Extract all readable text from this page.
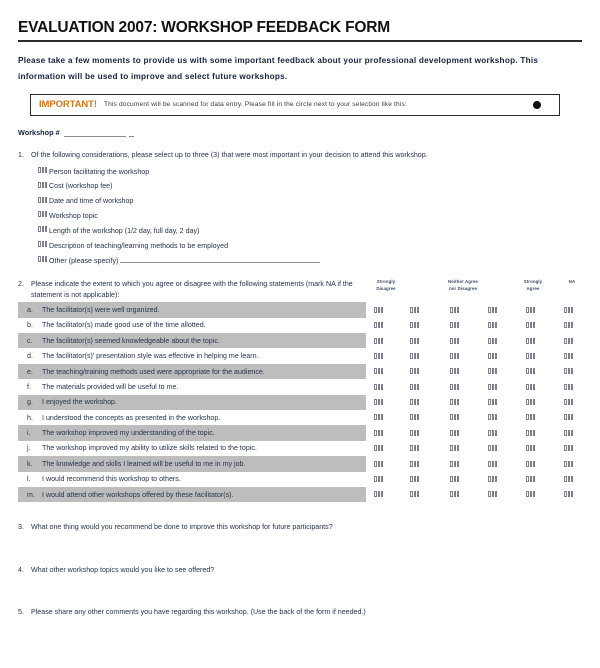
EVALUATION 2007: WORKSHOP FEEDBACK FORM
Please take a few moments to provide us with some important feedback about your professional development workshop. This information will be used to improve and select future workshops.
IMPORTANT! This document will be scanned for data entry. Please fill in the circle next to your selection like this:
Workshop #
1. Of the following considerations, please select up to three (3) that were most important in your decision to attend this workshop.
Person facilitating the workshop
Cost (workshop fee)
Date and time of workshop
Workshop topic
Length of the workshop (1/2 day, full day, 2 day)
Description of teaching/learning methods to be employed
Other (please specify)
2. Please indicate the extent to which you agree or disagree with the following statements (mark NA if the statement is not applicable):
Strongly
Disagree
Neither Agree
nor Disagree
Strongly
Agree
NA
a.	The facilitator(s) were well organized.
b.	The facilitator(s) made good use of the time allotted.
c.	The facilitator(s) seemed knowledgeable about the topic.
d.	The facilitator(s)' presentation style was effective in helping me learn.
e.	The teaching/training methods used were appropriate for the audience.
f.	The materials provided will be useful to me.
g.	I enjoyed the workshop.
h.	I understood the concepts as presented in the workshop.
i.	The workshop improved my understanding of the topic.
j.	The workshop improved my ability to utilize skills related to the topic.
k.	The knowledge and skills I learned will be useful to me in my job.
l.	I would recommend this workshop to others.
m.	I would attend other workshops offered by these facilitator(s).
3. What one thing would you recommend be done to improve this workshop for future participants?
4. What other workshop topics would you like to see offered?
5. Please share any other comments you have regarding this workshop. (Use the back of the form if needed.)
